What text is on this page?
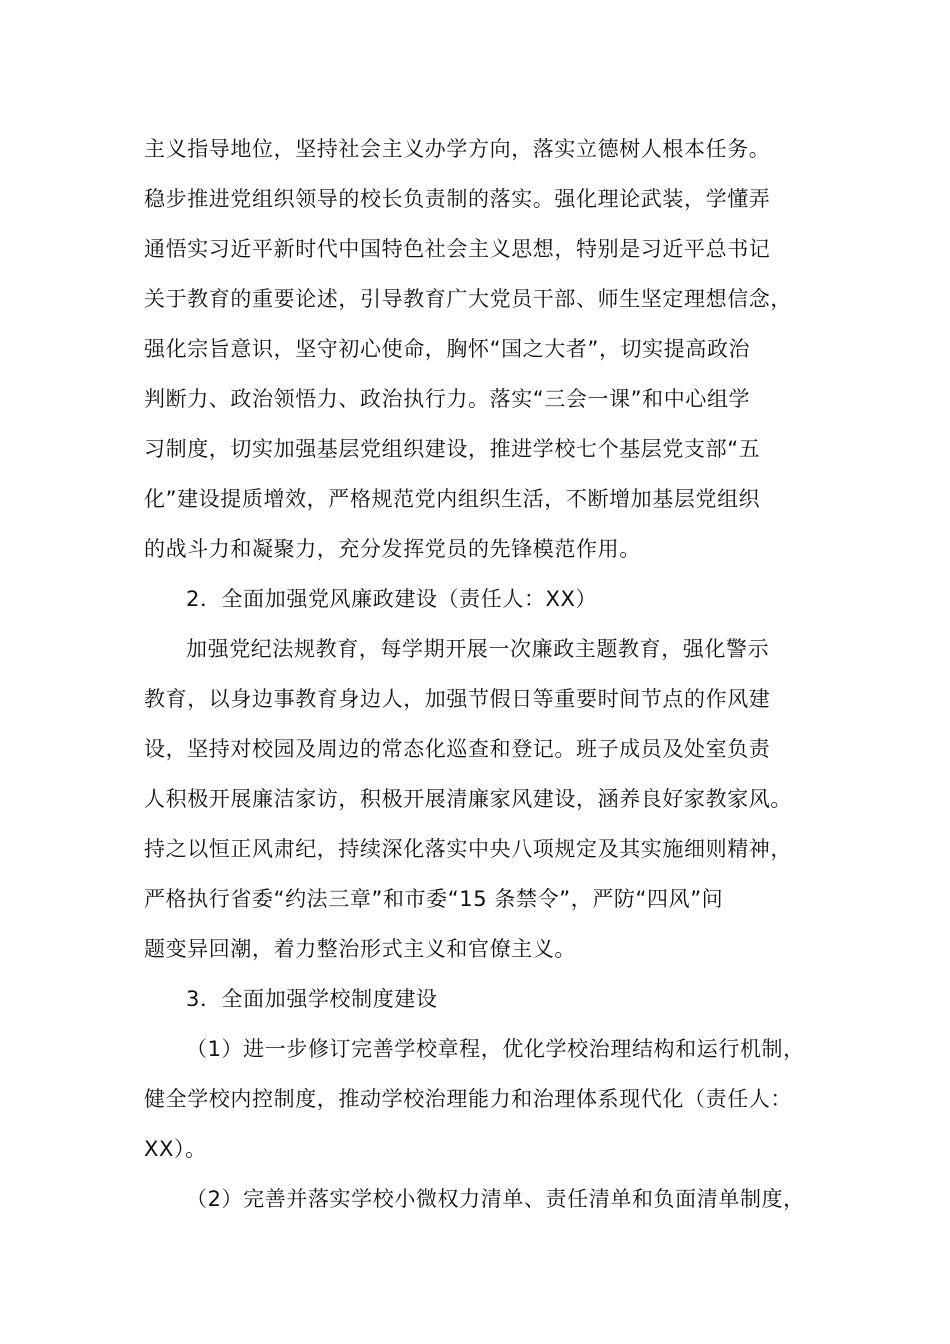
主义指导地位，坚持社会主义办学方向，落实立德树人根本任务。
稳步推进党组织领导的校长负责制的落实。强化理论武装，学懂弄
通悟实习近平新时代中国特色社会主义思想，特别是习近平总书记
关于教育的重要论述，引导教育广大党员干部、师生坚定理想信念，
强化宗旨意识，坚守初心使命，胸怀“国之大者”，切实提高政治
判断力、政治领悟力、政治执行力。落实“三会一课”和中心组学
习制度，切实加强基层党组织建设，推进学校七个基层党支部“五
化”建设提质增效，严格规范党内组织生活，不断增加基层党组织
的战斗力和凝聚力，充分发挥党员的先锋模范作用。
2．全面加强党风廉政建设（责任人：XX）
加强党纪法规教育，每学期开展一次廉政主题教育，强化警示
教育，以身边事教育身边人，加强节假日等重要时间节点的作风建
设，坚持对校园及周边的常态化巡查和登记。班子成员及处室负责
人积极开展廉洁家访，积极开展清廉家风建设，涵养良好家教家风。
持之以恒正风肃纪，持续深化落实中央八项规定及其实施细则精神，
严格执行省委“约法三章”和市委“15 条禁令”，严防“四风”问
题变异回潮，着力整治形式主义和官僚主义。
3．全面加强学校制度建设
（1）进一步修订完善学校章程，优化学校治理结构和运行机制，
健全学校内控制度，推动学校治理能力和治理体系现代化（责任人：
XX）。
（2）完善并落实学校小微权力清单、责任清单和负面清单制度，
